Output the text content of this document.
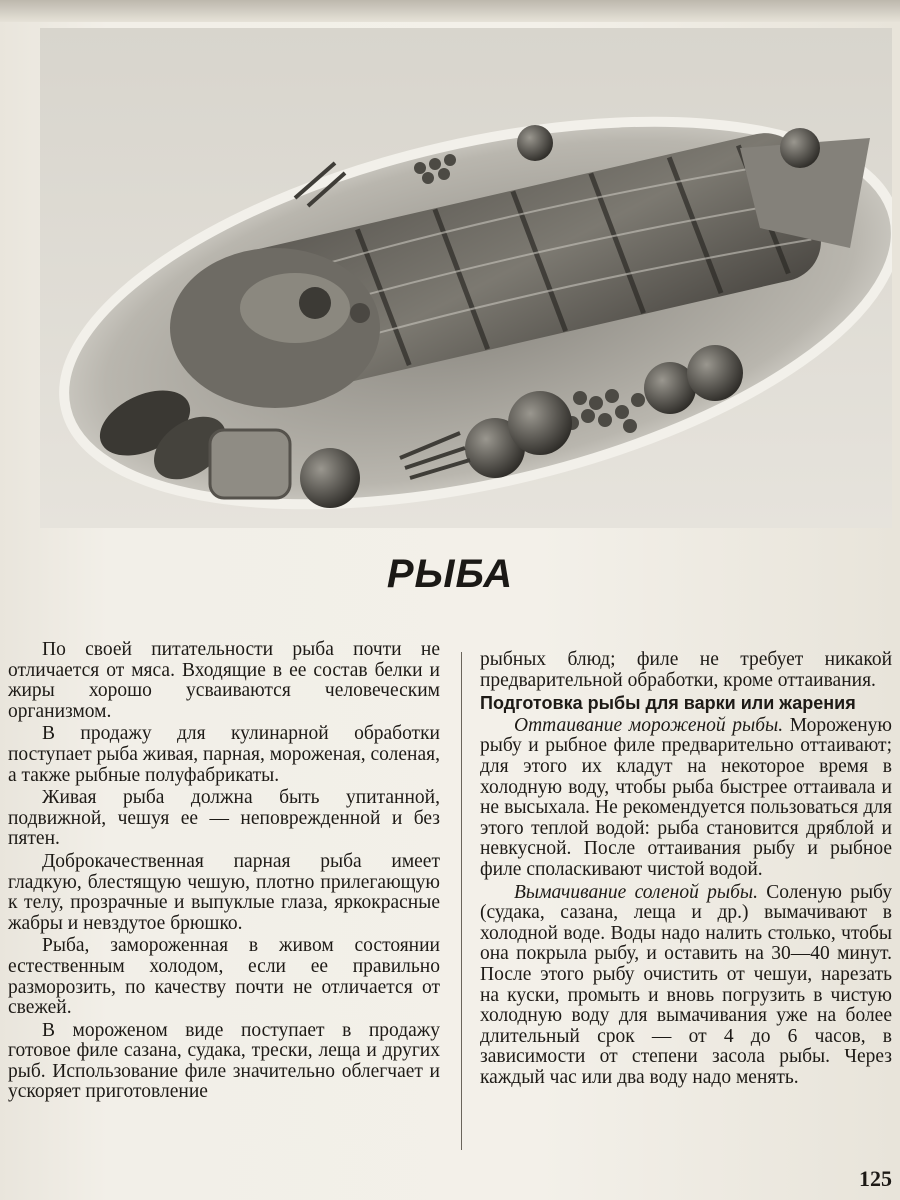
РЫБА

По своей питательности рыба почти не отличается от мяса. Входящие в ее состав белки и жиры хорошо усваиваются человеческим организмом.

В продажу для кулинарной обработки поступает рыба живая, парная, мороженая, соленая, а также рыбные полуфабрикаты.

Живая рыба должна быть упитанной, подвижной, чешуя ее — неповрежденной и без пятен.

Доброкачественная парная рыба имеет гладкую, блестящую чешую, плотно прилегающую к телу, прозрачные и выпуклые глаза, яркокрасные жабры и невздутое брюшко.

Рыба, замороженная в живом состоянии естественным холодом, если ее правильно разморозить, по качеству почти не отличается от свежей.

В мороженом виде поступает в продажу готовое филе сазана, судака, трески, леща и других рыб. Использование филе значительно облегчает и ускоряет приготовление

рыбных блюд; филе не требует никакой предварительной обработки, кроме оттаивания.

Подготовка рыбы для варки или жарения

Оттаивание мороженой рыбы. Мороженую рыбу и рыбное филе предварительно оттаивают; для этого их кладут на некоторое время в холодную воду, чтобы рыба быстрее оттаивала и не высыхала. Не рекомендуется пользоваться для этого теплой водой: рыба становится дряблой и невкусной. После оттаивания рыбу и рыбное филе споласкивают чистой водой.

Вымачивание соленой рыбы. Соленую рыбу (судака, сазана, леща и др.) вымачивают в холодной воде. Воды надо налить столько, чтобы она покрыла рыбу, и оставить на 30—40 минут. После этого рыбу очистить от чешуи, нарезать на куски, промыть и вновь погрузить в чистую холодную воду для вымачивания уже на более длительный срок — от 4 до 6 часов, в зависимости от степени засола рыбы. Через каждый час или два воду надо менять.

125
